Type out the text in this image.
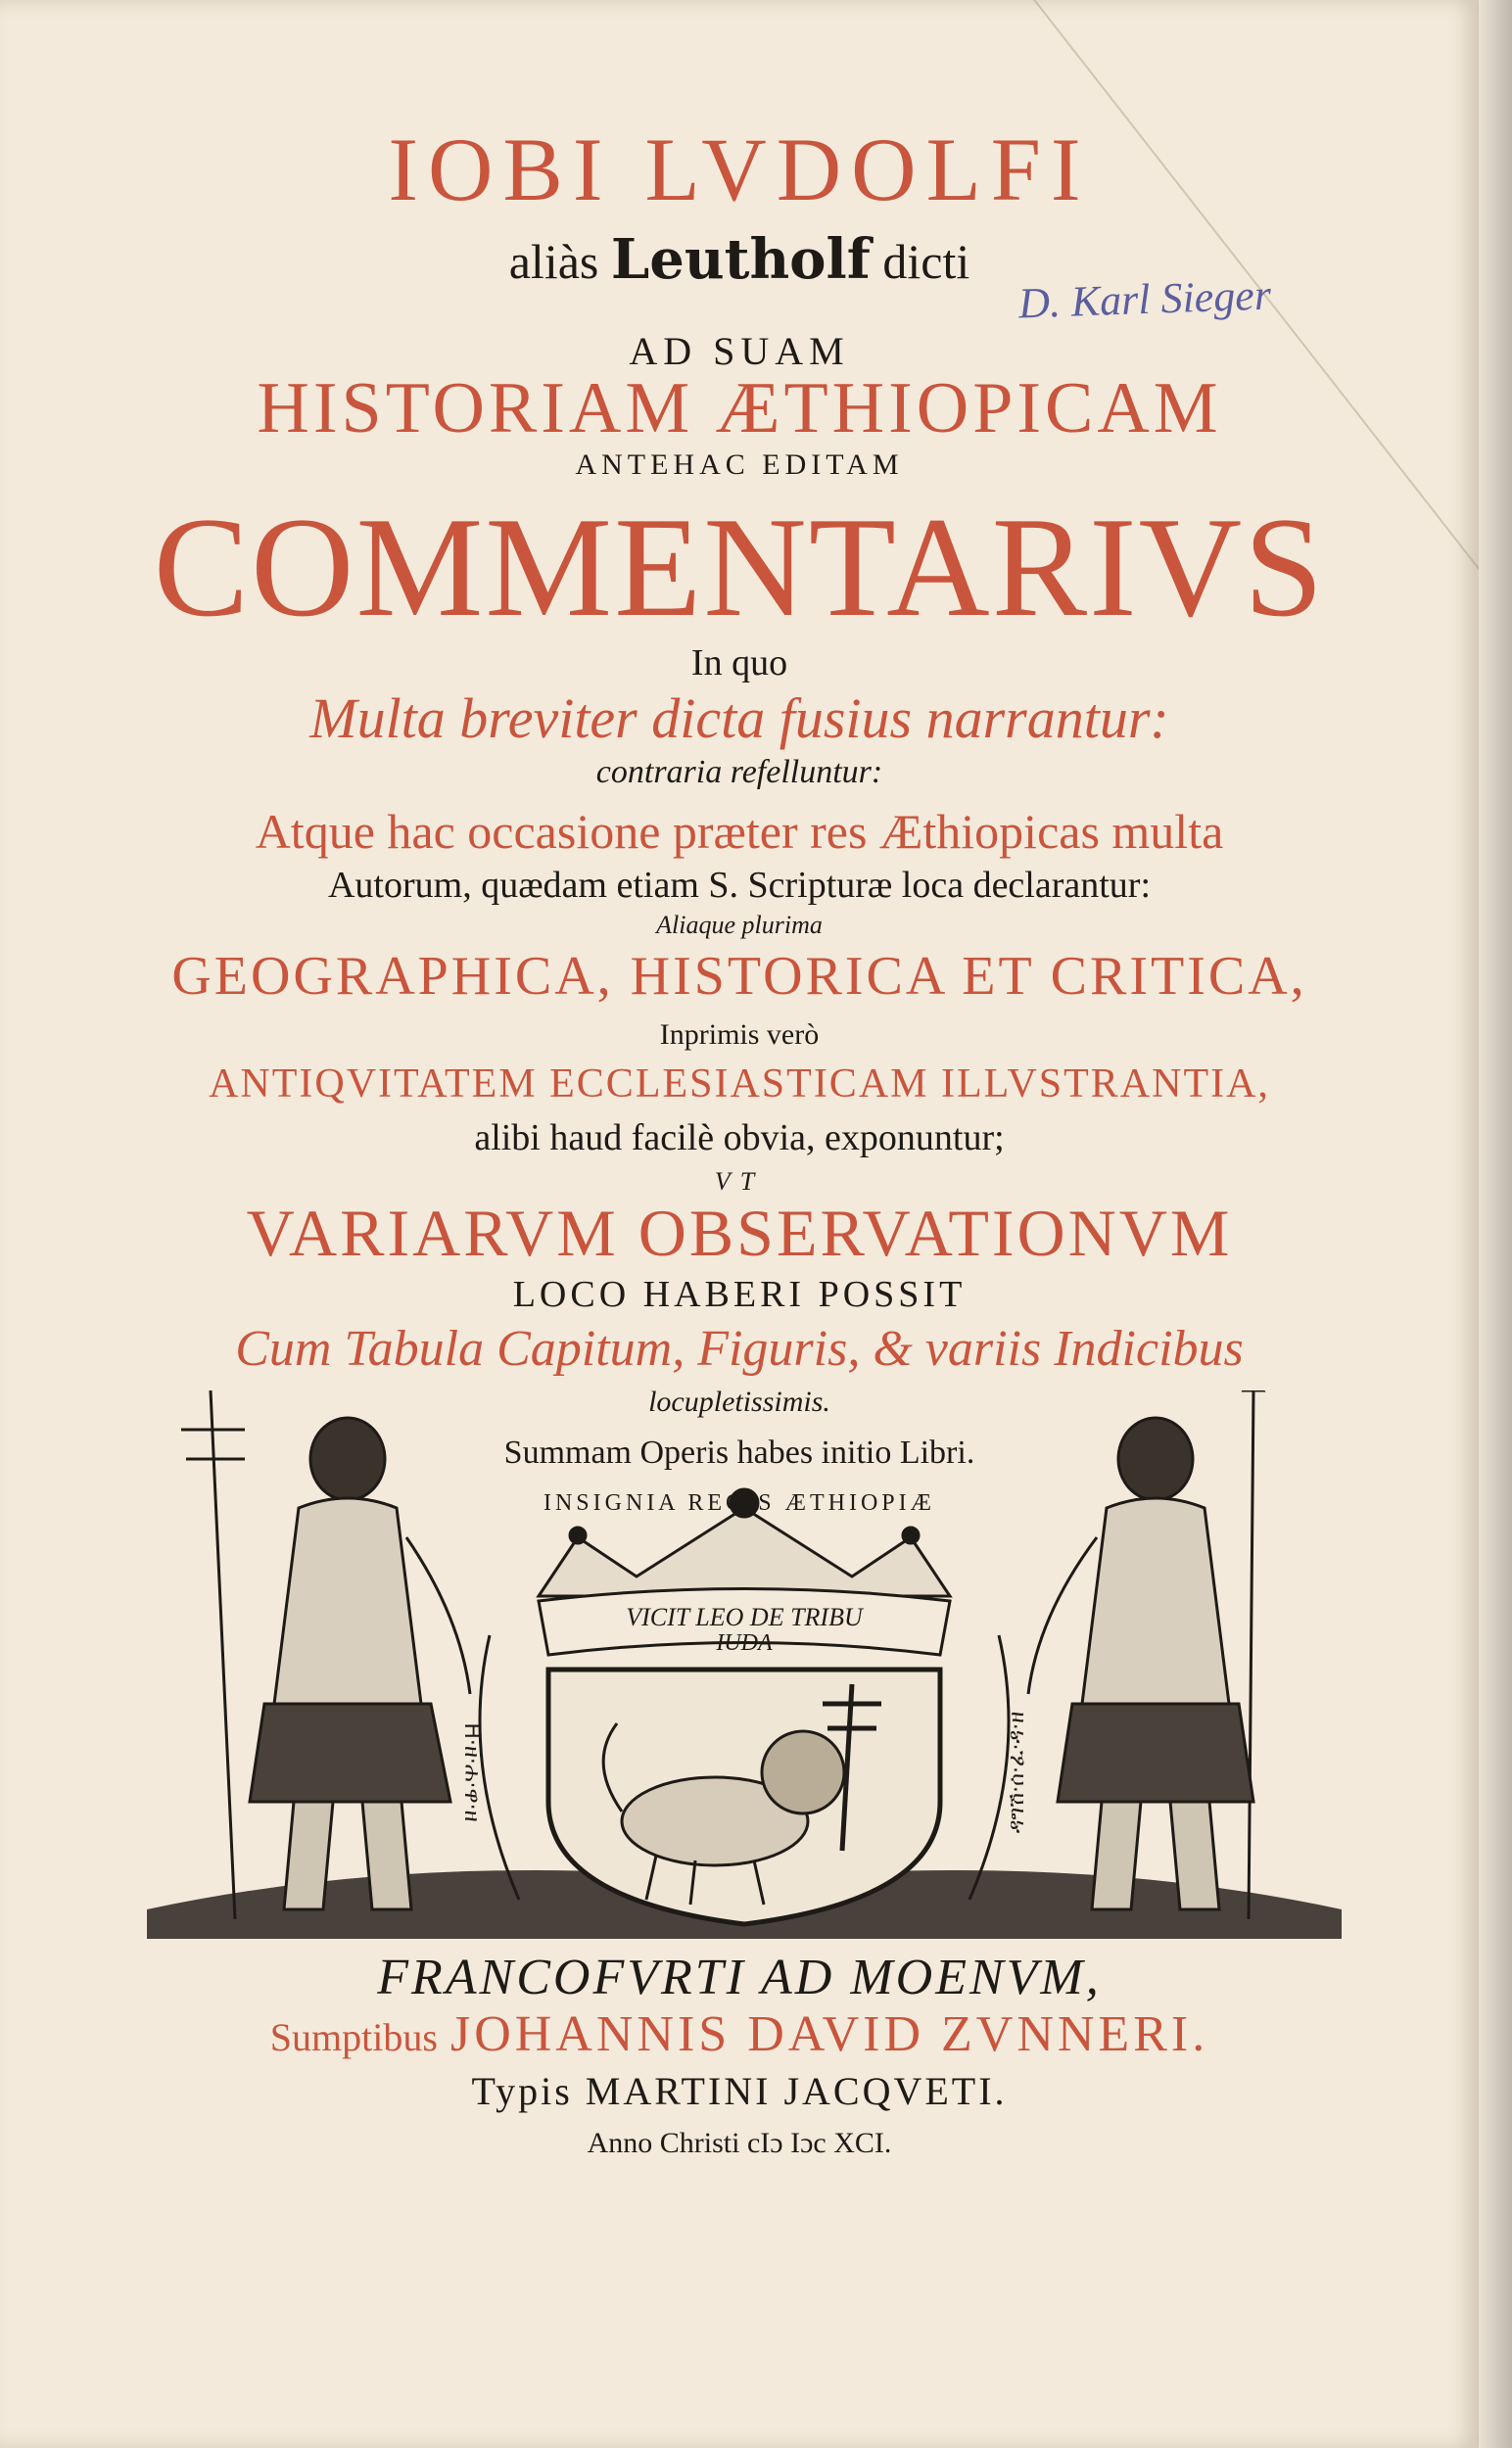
IOBI LVDOLFI

aliàs Leutholf dicti

D. Karl Sieger

AD SUAM

HISTORIAM ÆTHIOPICAM

ANTEHAC EDITAM

COMMENTARIVS

In quo

Multa breviter dicta fusius narrantur:

contraria refelluntur:

Atque hac occasione præter res Æthiopicas multa

Autorum, quædam etiam S. Scripturæ loca declarantur:

Aliaque plurima

GEOGRAPHICA, HISTORICA ET CRITICA,

Inprimis verò

ANTIQVITATEM ECCLESIASTICAM ILLVSTRANTIA,

alibi haud facilè obvia, exponuntur;

VT

VARIARVM OBSERVATIONVM

LOCO HABERI POSSIT

Cum Tabula Capitum, Figuris, & variis Indicibus

locupletissimis.

VICIT LEO DE TRIBU
IUDA
H·ዘ·ሐ·ዋ·ዘ	ዳግሽ·ሰ·ፈ·ዳ·ዘ

Summam Operis habes initio Libri.

INSIGNIA REGIS ÆTHIOPIÆ

FRANCOFVRTI AD MOENVM,

Sumptibus JOHANNIS DAVID ZVNNERI.

Typis MARTINI JACQVETI.

Anno Christi cIɔ Iɔc XCI.
